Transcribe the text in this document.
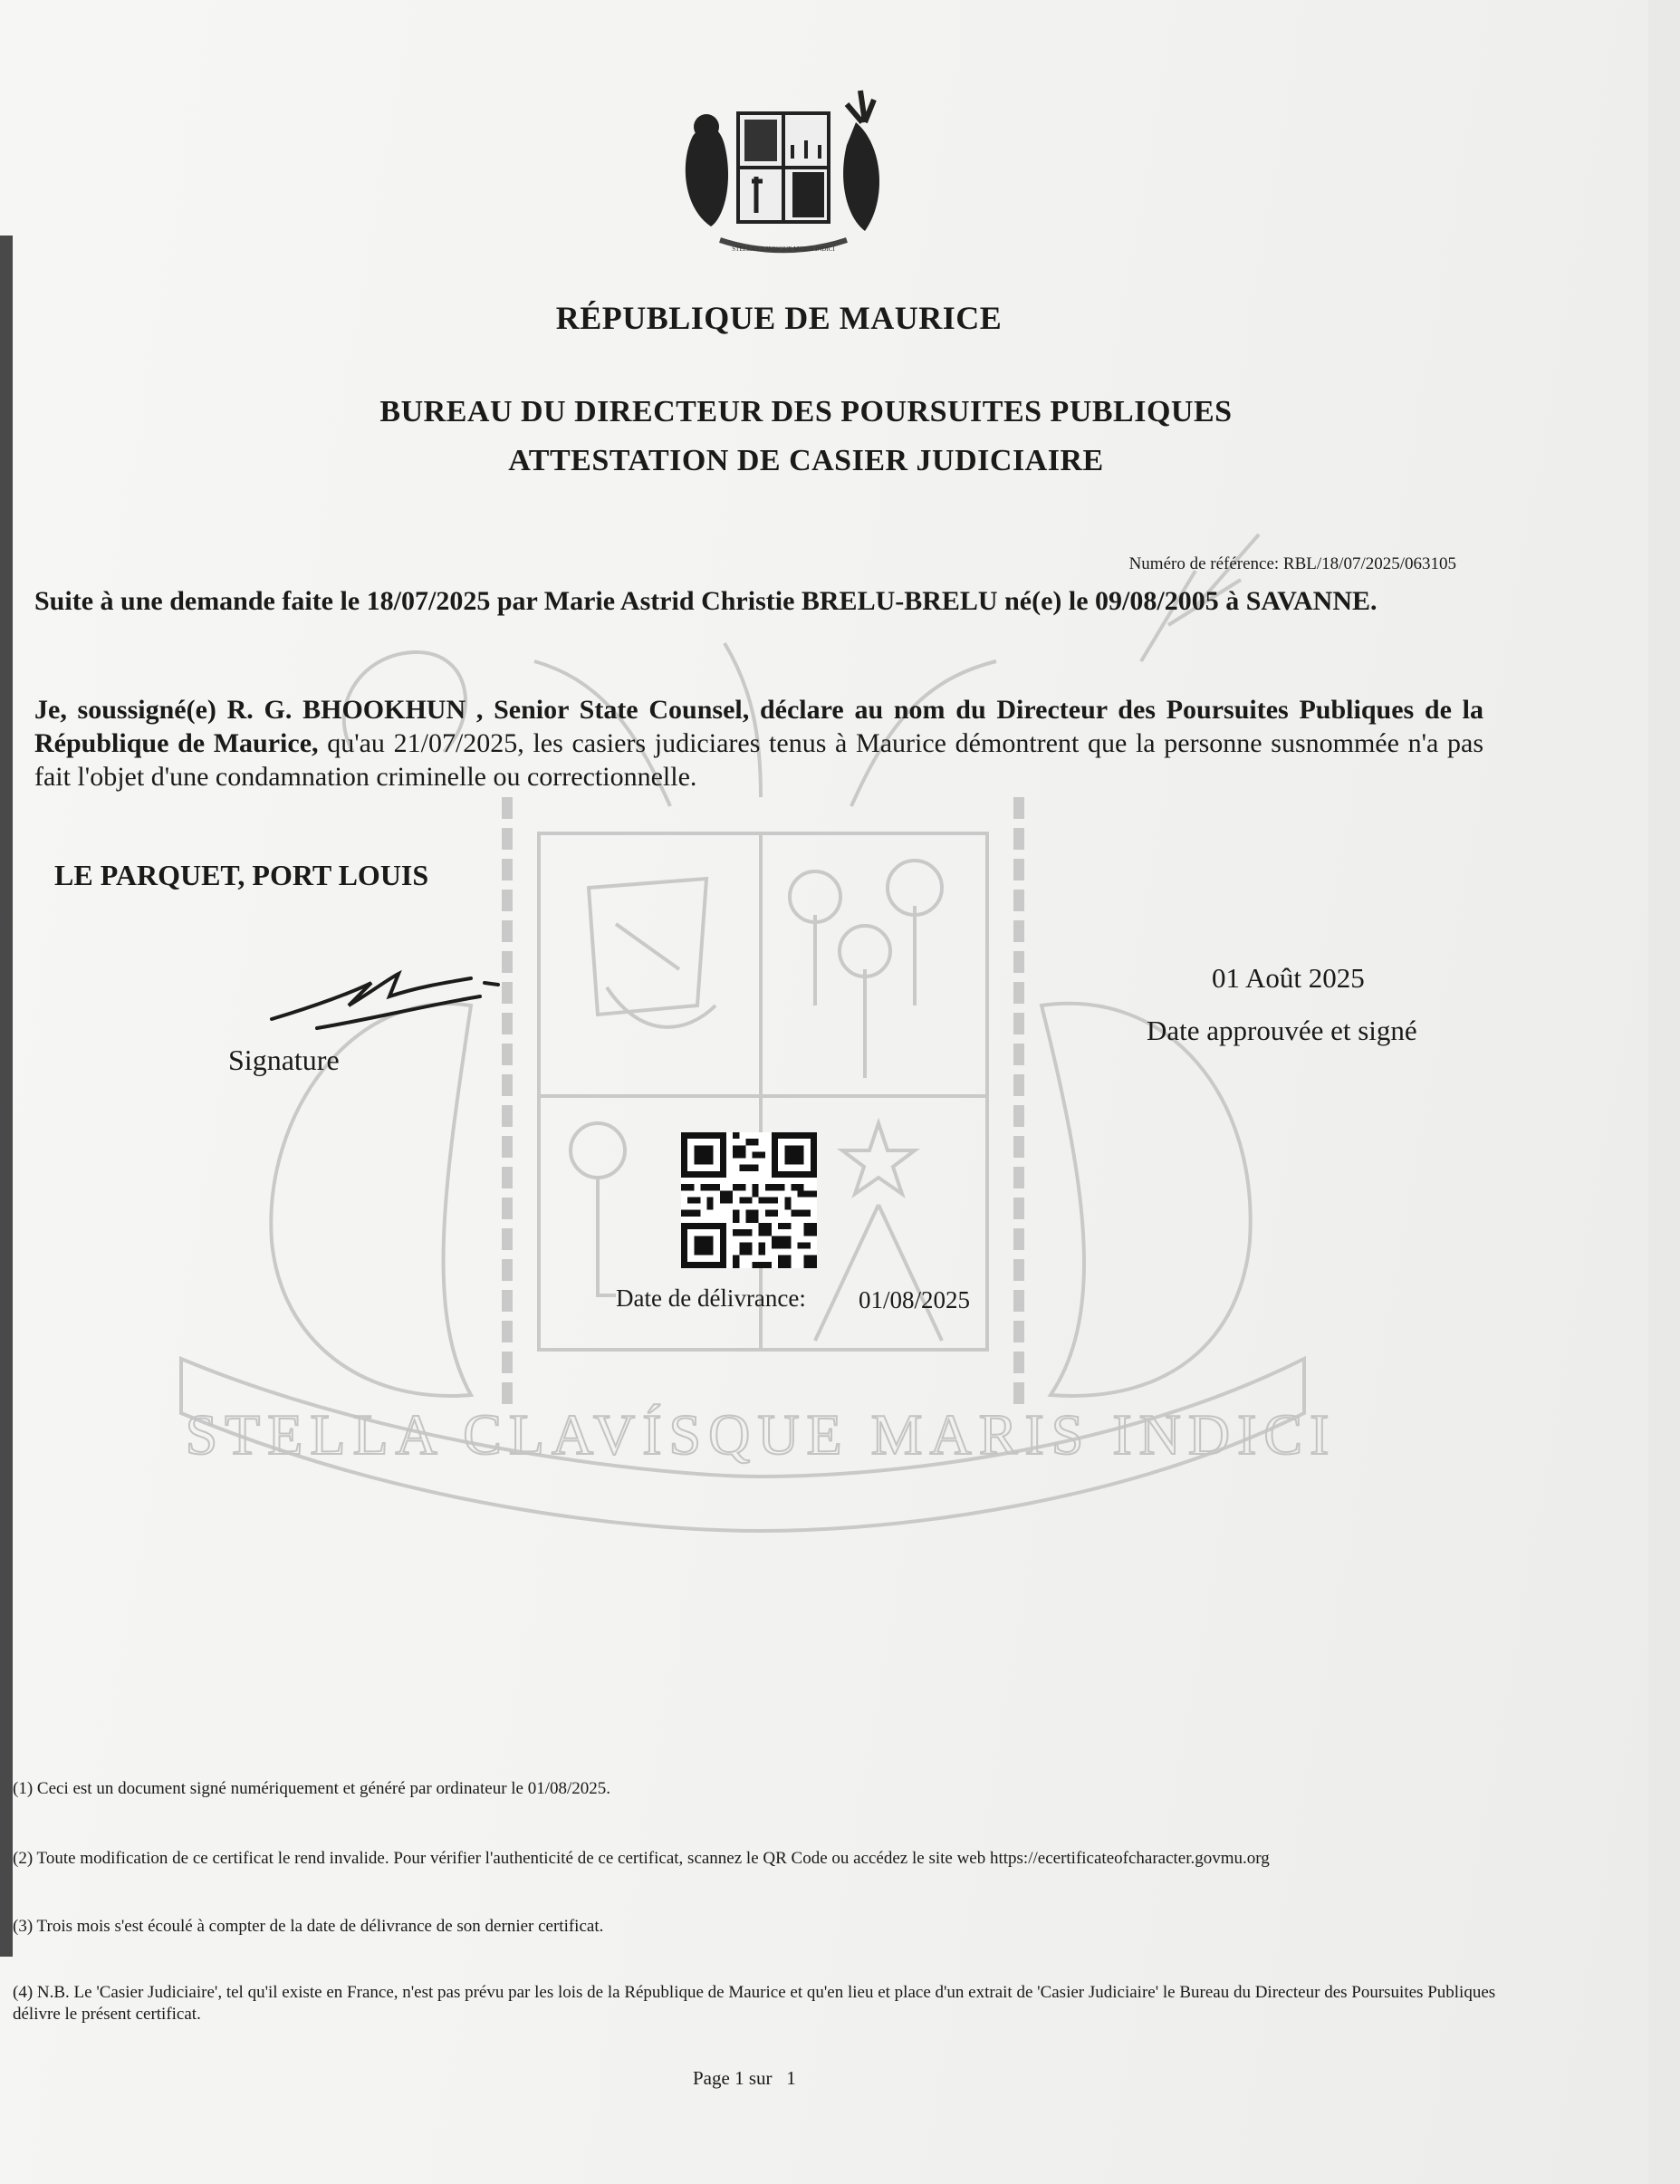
STELLA CLAVÍSQUE MARIS INDICI
STELLA CLAVISQUE MARIS INDICI
RÉPUBLIQUE DE MAURICE
BUREAU DU DIRECTEUR DES POURSUITES PUBLIQUES
ATTESTATION DE CASIER JUDICIAIRE
Numéro de référence: RBL/18/07/2025/063105
Suite à une demande faite le 18/07/2025 par Marie Astrid Christie BRELU-BRELU né(e) le 09/08/2005 à SAVANNE.
Je, soussigné(e) R. G. BHOOKHUN , Senior State Counsel, déclare au nom du Directeur des Poursuites Publiques de la République de Maurice, qu'au 21/07/2025, les casiers judiciares tenus à Maurice démontrent que la personne susnommée n'a pas fait l'objet d'une condamnation criminelle ou correctionnelle.
LE PARQUET, PORT LOUIS
Signature
01 Août 2025
Date approuvée et signé
Date de délivrance: 01/08/2025
(1) Ceci est un document signé numériquement et généré par ordinateur le 01/08/2025.
(2) Toute modification de ce certificat le rend invalide. Pour vérifier l'authenticité de ce certificat, scannez le QR Code ou accédez le site web https://ecertificateofcharacter.govmu.org
(3) Trois mois s'est écoulé à compter de la date de délivrance de son dernier certificat.
(4) N.B. Le 'Casier Judiciaire', tel qu'il existe en France, n'est pas prévu par les lois de la République de Maurice et qu'en lieu et place d'un extrait de 'Casier Judiciaire' le Bureau du Directeur des Poursuites Publiques délivre le présent certificat.
Page 1 sur   1
